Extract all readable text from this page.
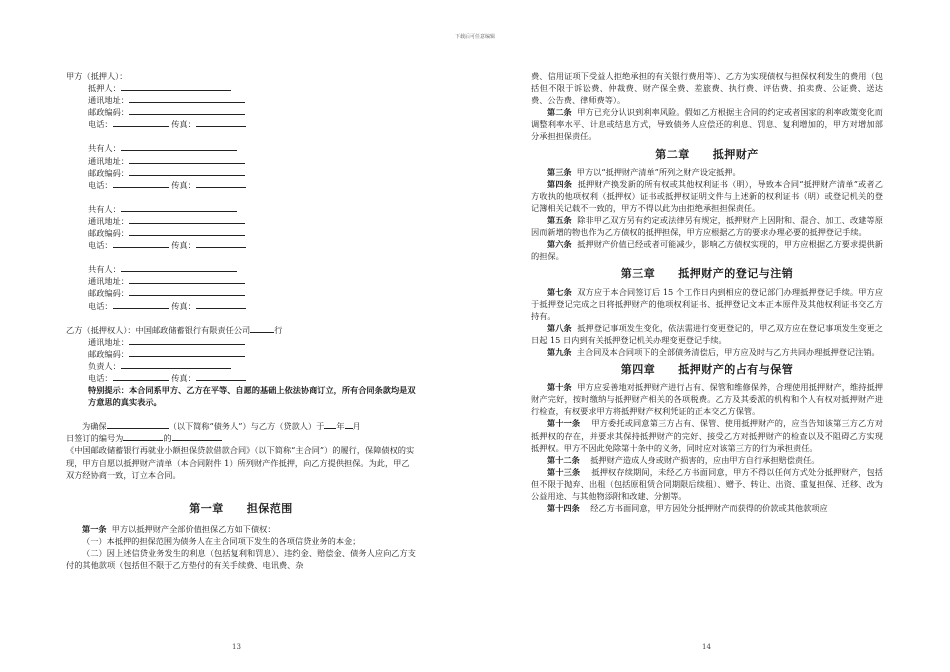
下载后可任意编辑
甲方（抵押人）：
抵押人：
通讯地址：
邮政编码：
电话：	传真：
共有人：
通讯地址：
邮政编码：
电话：	传真：
共有人：
通讯地址：
邮政编码：
电话：	传真：
共有人：
通讯地址：
邮政编码：
电话：	传真：
乙方（抵押权人）：中国邮政储蓄银行有限责任公司	行
通讯地址：
邮政编码：
负责人：
电话：	传真：
特别提示：本合同系甲方、乙方在平等、自愿的基础上依法协商订立，所有合同条款均是双方意思的真实表示。
为确保	（以下简称“债务人”）与乙方（贷款人）于 年 月
日签订的编号为	的
《中国邮政储蓄银行再就业小额担保贷款借款合同》（以下简称“主合同”）的履行，保障债权的实现，甲方自愿以抵押财产清单（本合同附件 1）所列财产作抵押，向乙方提供担保。为此，甲乙双方经协商一致，订立本合同。
第一章　　担保范围
第一条 甲方以抵押财产全部价值担保乙方如下债权：
（一）本抵押的担保范围为债务人在主合同项下发生的各项信贷业务的本金；
（二）因上述信贷业务发生的利息（包括复利和罚息）、违约金、赔偿金、债务人应向乙方支付的其他款项（包括但不限于乙方垫付的有关手续费、电讯费、杂
13
费、信用证项下受益人拒绝承担的有关银行费用等）、乙方为实现债权与担保权利发生的费用（包括但不限于诉讼费、仲裁费、财产保全费、差旅费、执行费、评估费、拍卖费、公证费、送达费、公告费、律师费等）。
第二条 甲方已充分认识到利率风险。假如乙方根据主合同的约定或者国家的利率政策变化而调整利率水平、计息或结息方式，导致债务人应偿还的利息、罚息、复利增加的，甲方对增加部分承担担保责任。
第二章　　抵押财产
第三条 甲方以“抵押财产清单”所列之财产设定抵押。
第四条 抵押财产换发新的所有权或其他权利证书（明），导致本合同“抵押财产清单”或者乙方收执的他项权利（抵押权）证书或抵押权证明文件与上述新的权利证书（明）或登记机关的登记簿相关记载不一致的，甲方不得以此为由拒绝承担担保责任。
第五条 除非甲乙双方另有约定或法律另有规定，抵押财产上因附和、混合、加工、改建等原因而新增的物也作为乙方债权的抵押担保，甲方应根据乙方的要求办理必要的抵押登记手续。
第六条 抵押财产价值已经或者可能减少，影响乙方债权实现的，甲方应根据乙方要求提供新的担保。
第三章　　抵押财产的登记与注销
第七条 双方应于本合同签订后 15 个工作日内到相应的登记部门办理抵押登记手续。甲方应于抵押登记完成之日将抵押财产的他项权利证书、抵押登记文本正本原件及其他权利证书交乙方持有。
第八条 抵押登记事项发生变化，依法需进行变更登记的，甲乙双方应在登记事项发生变更之日起 15 日内到有关抵押登记机关办理变更登记手续。
第九条 主合同及本合同项下的全部债务清偿后，甲方应及时与乙方共同办理抵押登记注销。
第四章　　抵押财产的占有与保管
第十条 甲方应妥善地对抵押财产进行占有、保管和维修保养，合理使用抵押财产，维持抵押财产完好，按时缴纳与抵押财产相关的各项税费。乙方及其委派的机构和个人有权对抵押财产进行检查，有权要求甲方将抵押财产权利凭证的正本交乙方保管。
第十一条 甲方委托或同意第三方占有、保管、使用抵押财产的，应当告知该第三方乙方对抵押权的存在，并要求其保持抵押财产的完好、接受乙方对抵押财产的检查以及不阻碍乙方实现抵押权。甲方不因此免除第十条中的义务，同时应对该第三方的行为承担责任。
第十二条 抵押财产造成人身或财产损害的，应由甲方自行承担赔偿责任。
第十三条 抵押权存续期间，未经乙方书面同意，甲方不得以任何方式处分抵押财产，包括但不限于抛弃、出租（包括原租赁合同期限后续租）、赠予、转让、出资、重复担保、迁移、改为公益用途、与其他物添附和改建、分割等。
第十四条 经乙方书面同意，甲方因处分抵押财产而获得的价款或其他款项应
14
